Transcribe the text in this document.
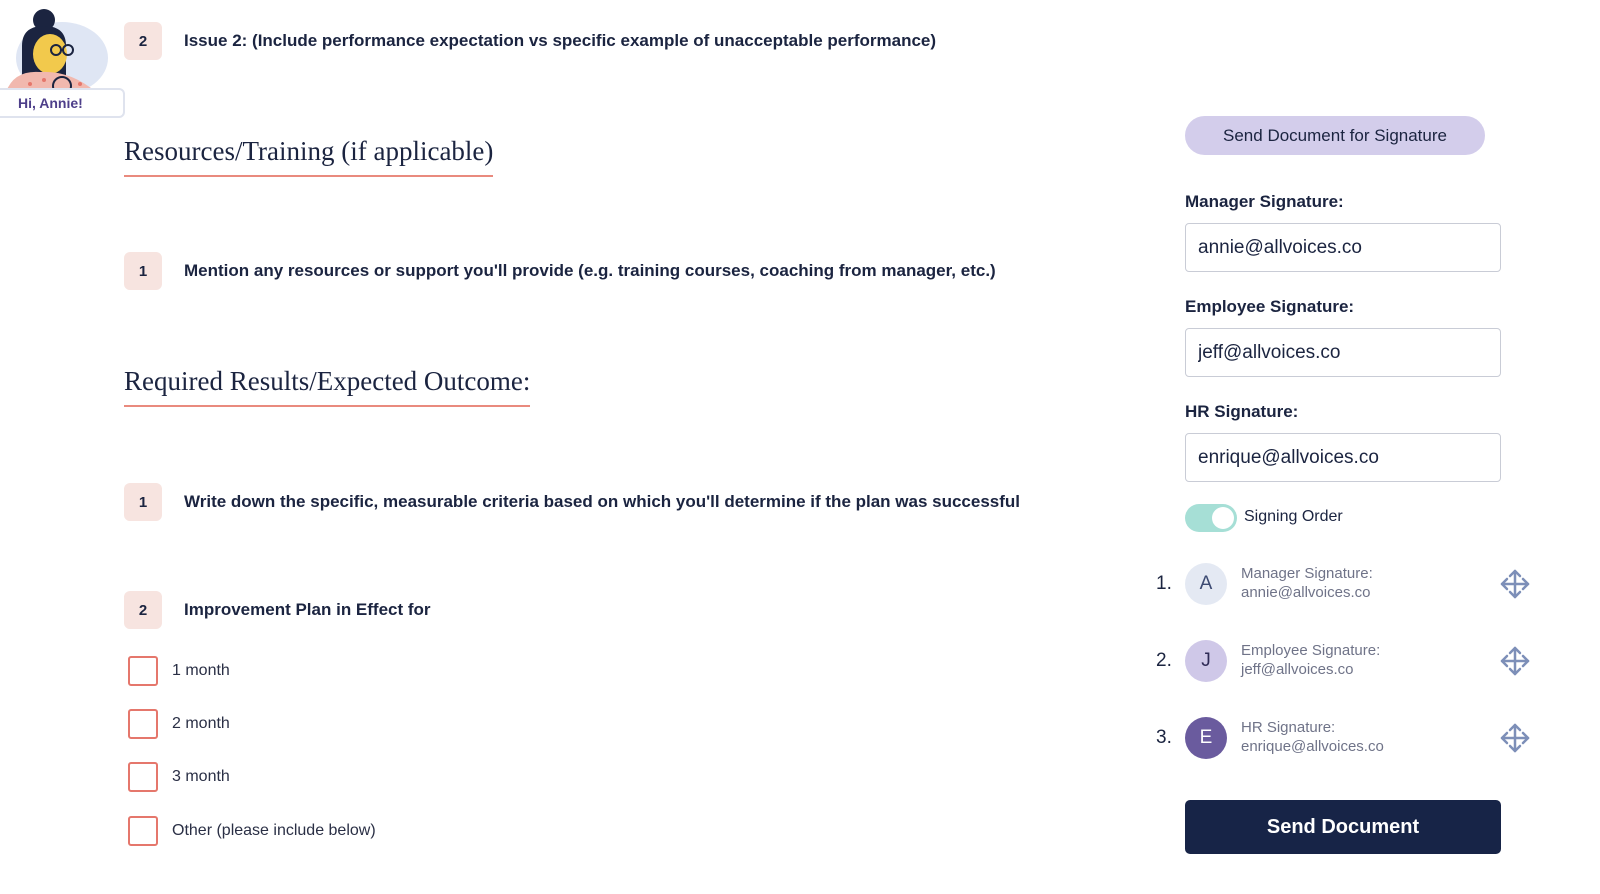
Hi, Annie!
2	Issue 2: (Include performance expectation vs specific example of unacceptable performance)
Resources/Training (if applicable)
1	Mention any resources or support you'll provide (e.g. training courses, coaching from manager, etc.)
Required Results/Expected Outcome:
1	Write down the specific, measurable criteria based on which you'll determine if the plan was successful
2	Improvement Plan in Effect for
1 month
2 month
3 month
Other (please include below)
Send Document for Signature
Manager Signature:
annie@allvoices.co
Employee Signature:
jeff@allvoices.co
HR Signature:
enrique@allvoices.co
Signing Order
1.	A	Manager Signature:
annie@allvoices.co
2.	J	Employee Signature:
jeff@allvoices.co
3.	E	HR Signature:
enrique@allvoices.co
Send Document
